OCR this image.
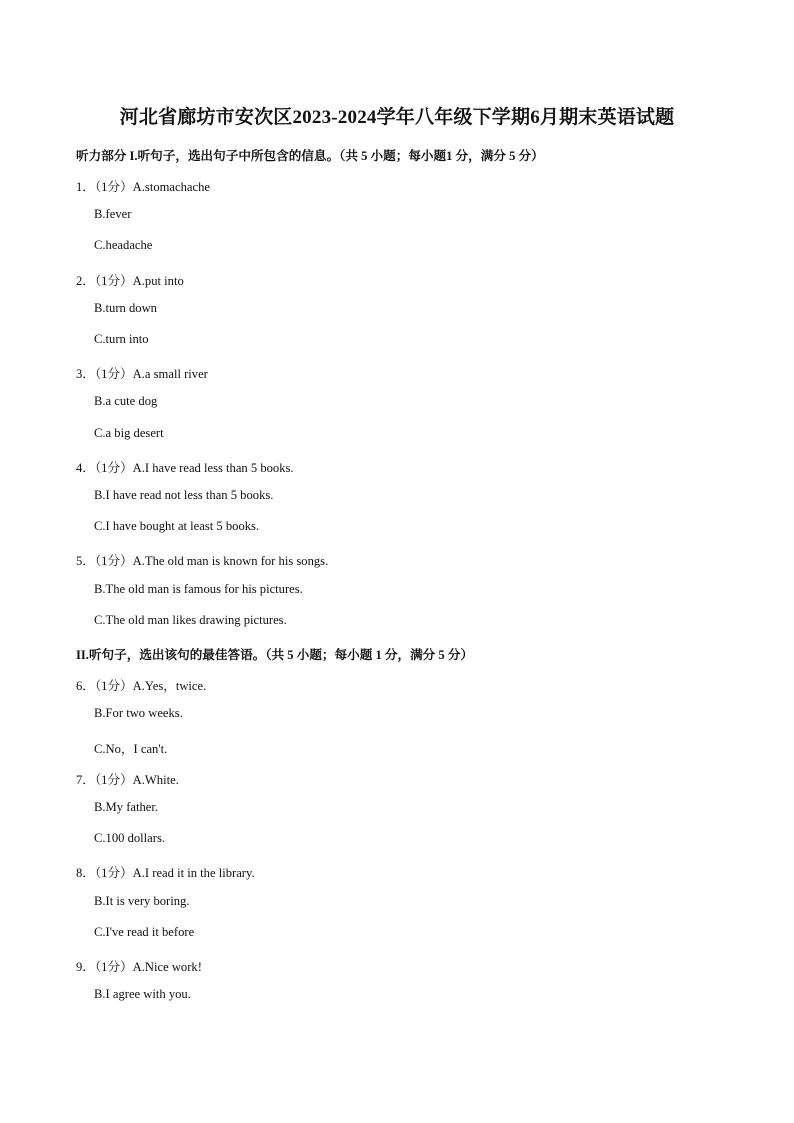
河北省廊坊市安次区2023-2024学年八年级下学期6月期末英语试题
听力部分 I.听句子，选出句子中所包含的信息。（共 5 小题；每小题1 分，满分 5 分）
1．（1分）A.stomachache
B.fever
C.headache
2．（1分）A.put into
B.turn down
C.turn into
3．（1分）A.a small river
B.a cute dog
C.a big desert
4．（1分）A.I have read less than 5 books.
B.I have read not less than 5 books.
C.I have bought at least 5 books.
5．（1分）A.The old man is known for his songs.
B.The old man is famous for his pictures.
C.The old man likes drawing pictures.
II.听句子，选出该句的最佳答语。（共 5 小题；每小题 1 分，满分 5 分）
6．（1分）A.Yes，twice.
B.For two weeks.
C.No，I can't.
7．（1分）A.White.
B.My father.
C.100 dollars.
8．（1分）A.I read it in the library.
B.It is very boring.
C.I've read it before
9．（1分）A.Nice work!
B.I agree with you.
